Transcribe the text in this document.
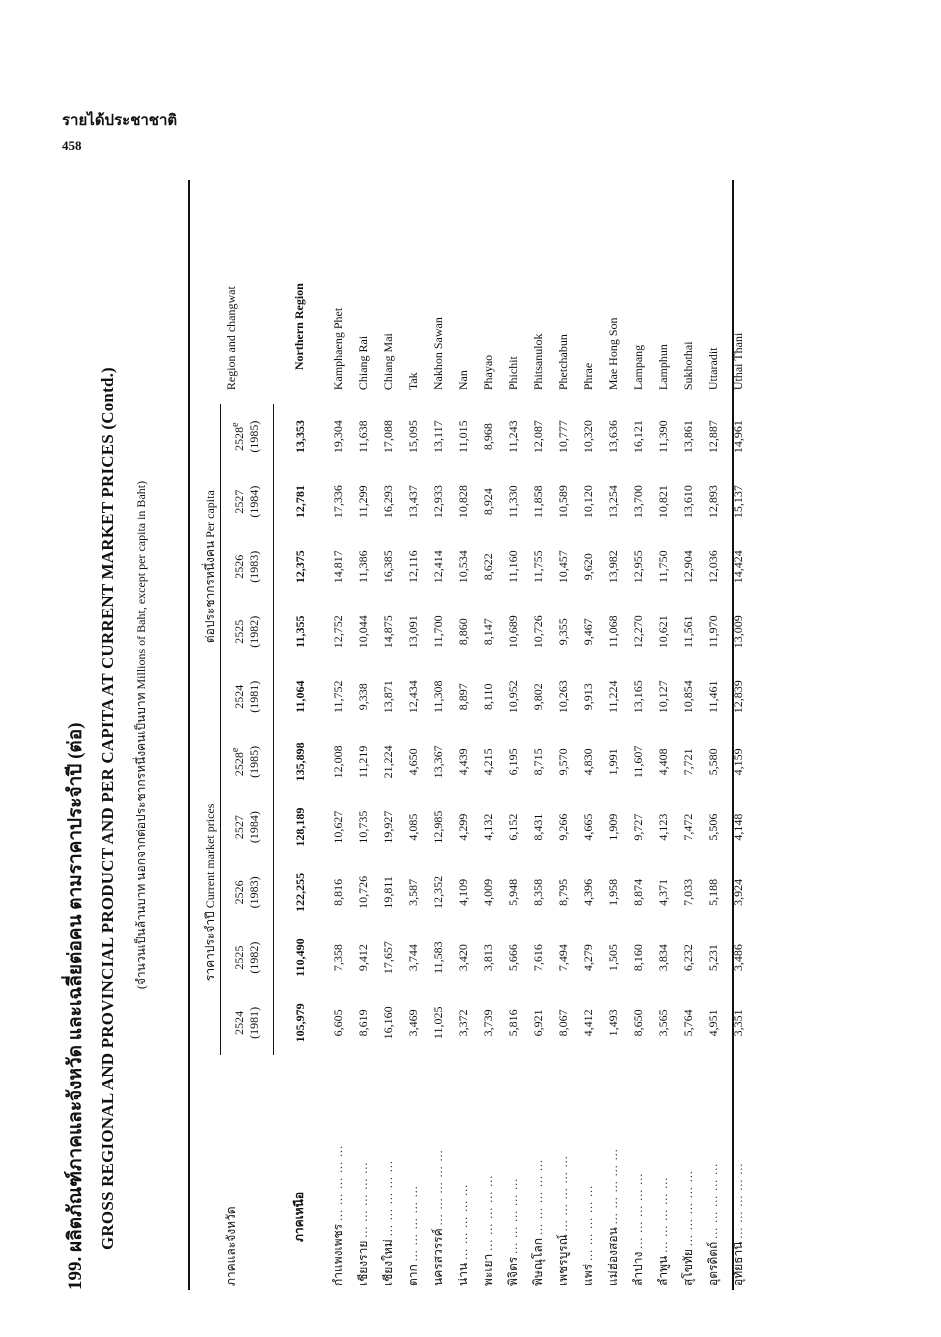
รายได้ประชาชาติ
458
199. ผลิตภัณฑ์ภาคและจังหวัด และเฉลี่ยต่อคน ตามราคาประจำปี (ต่อ) GROSS REGIONAL AND PROVINCIAL PRODUCT AND PER CAPITA AT CURRENT MARKET PRICES (Contd.) (จำนวนเป็นล้านบาท นอกจากต่อประชากรหนึ่งคนเป็นบาท Millions of Baht, except per capita in Baht)
ภาคและจังหวัด	ราคาประจำปี Current market prices					ต่อประชากรหนึ่งคน Per capita					Region and changwat
	2524	2525	2526	2527	2528e	2524	2525	2526	2527	2528e
	(1981)	(1982)	(1983)	(1984)	(1985)	(1981)	(1982)	(1983)	(1984)	(1985)	
ภาคเหนือ	105,979	110,490	122,255	128,189	135,898	11,064	11,355	12,375	12,781	13,353	Northern Region
กำแพงเพชร ... ... ... ... ...	6,605	7,358	8,816	10,627	12,008	11,752	12,752	14,817	17,336	19,304	Kamphaeng Phet
เชียงราย ... ... ... ... ...	8,619	9,412	10,726	10,735	11,219	9,338	10,044	11,386	11,299	11,638	Chiang Rai
เชียงใหม่ ... ... ... ... ...	16,160	17,657	19,811	19,927	21,224	13,871	14,875	16,385	16,293	17,088	Chiang Mai
ตาก ... ... ... ... ...	3,469	3,744	3,587	4,085	4,650	12,434	13,091	12,116	13,437	15,095	Tak
นครสวรรค์ ... ... ... ... ...	11,025	11,583	12,352	12,985	13,367	11,308	11,700	12,414	12,933	13,117	Nakhon Sawan
น่าน ... ... ... ... ...	3,372	3,420	4,109	4,299	4,439	8,897	8,860	10,534	10,828	11,015	Nan
พะเยา ... ... ... ... ...	3,739	3,813	4,009	4,132	4,215	8,110	8,147	8,622	8,924	8,968	Phayao
พิจิตร ... ... ... ... ...	5,816	5,666	5,948	6,152	6,195	10,952	10,689	11,160	11,330	11,243	Phichit
พิษณุโลก ... ... ... ... ...	6,921	7,616	8,358	8,431	8,715	9,802	10,726	11,755	11,858	12,087	Phitsanulok
เพชรบูรณ์ ... ... ... ... ...	8,067	7,494	8,795	9,266	9,570	10,263	9,355	10,457	10,589	10,777	Phetchabun
แพร่ ... ... ... ... ...	4,412	4,279	4,396	4,665	4,830	9,913	9,467	9,620	10,120	10,320	Phrae
แม่ฮ่องสอน ... ... ... ... ...	1,493	1,505	1,958	1,909	1,991	11,224	11,068	13,982	13,254	13,636	Mae Hong Son
ลำปาง ... ... ... ... ...	8,650	8,160	8,874	9,727	11,607	13,165	12,270	12,955	13,700	16,121	Lampang
ลำพูน ... ... ... ... ...	3,565	3,834	4,371	4,123	4,408	10,127	10,621	11,750	10,821	11,390	Lamphun
สุโขทัย ... ... ... ... ...	5,764	6,232	7,033	7,472	7,721	10,854	11,561	12,904	13,610	13,861	Sukhothai
อุตรดิตถ์ ... ... ... ... ...	4,951	5,231	5,188	5,506	5,580	11,461	11,970	12,036	12,893	12,887	Uttaradit
อุทัยธานี ... ... ... ... ...	3,351	3,486	3,924	4,148	4,159	12,839	13,009	14,424	15,137	14,961	Uthai Thani
